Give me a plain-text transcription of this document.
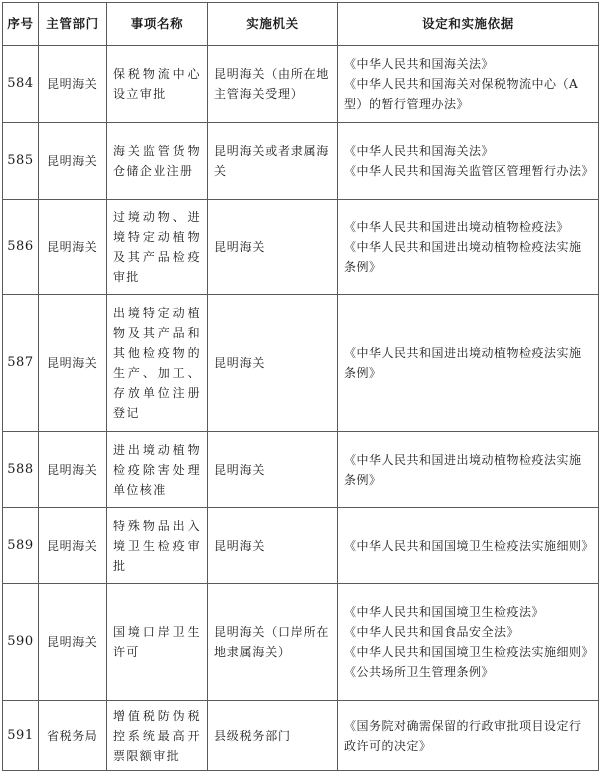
序号	主管部门	事项名称	实施机关	设定和实施依据
584	昆明海关	保税物流中心设立审批	昆明海关（由所在地主管海关受理）	《中华人民共和国海关法》
《中华人民共和国海关对保税物流中心（A型）的暂行管理办法》

585	昆明海关	海关监管货物仓储企业注册	昆明海关或者隶属海关	《中华人民共和国海关法》
《中华人民共和国海关监管区管理暂行办法》

586	昆明海关	过境动物、进境特定动植物及其产品检疫审批	昆明海关	《中华人民共和国进出境动植物检疫法》
《中华人民共和国进出境动植物检疫法实施条例》

587	昆明海关	出境特定动植物及其产品和其他检疫物的生产、加工、存放单位注册登记	昆明海关	《中华人民共和国进出境动植物检疫法实施条例》

588	昆明海关	进出境动植物检疫除害处理单位核准	昆明海关	《中华人民共和国进出境动植物检疫法实施条例》

589	昆明海关	特殊物品出入境卫生检疫审批	昆明海关	《中华人民共和国国境卫生检疫法实施细则》

590	昆明海关	国境口岸卫生许可	昆明海关（口岸所在地隶属海关）	《中华人民共和国国境卫生检疫法》
《中华人民共和国食品安全法》
《中华人民共和国国境卫生检疫法实施细则》
《公共场所卫生管理条例》

591	省税务局	增值税防伪税控系统最高开票限额审批	县级税务部门	《国务院对确需保留的行政审批项目设定行政许可的决定》
